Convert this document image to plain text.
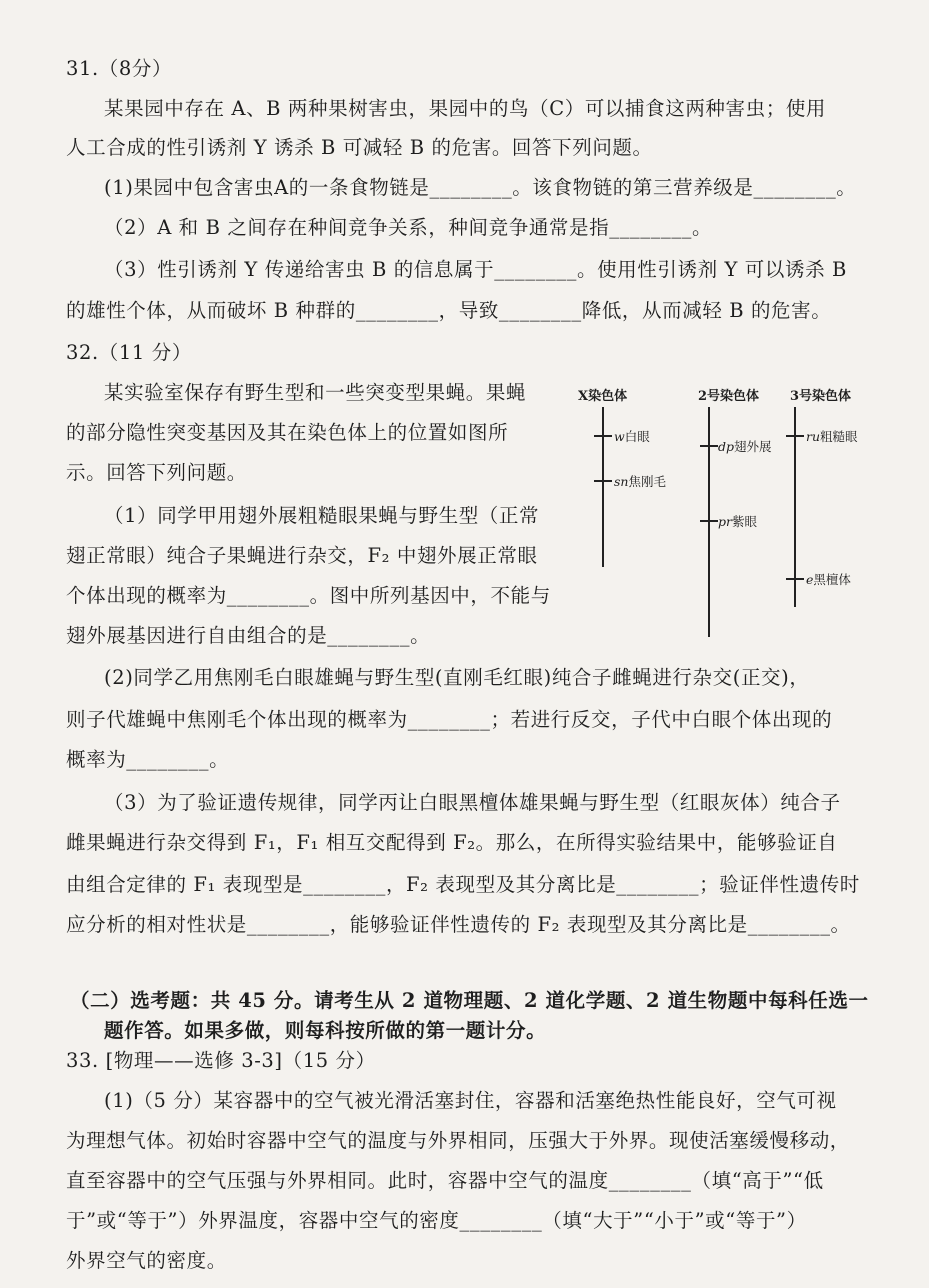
31.（8分）
某果园中存在 A、B 两种果树害虫，果园中的鸟（C）可以捕食这两种害虫；使用
人工合成的性引诱剂 Y 诱杀 B 可减轻 B 的危害。回答下列问题。
(1)果园中包含害虫A的一条食物链是________。该食物链的第三营养级是________。
（2）A 和 B 之间存在种间竞争关系，种间竞争通常是指________。
（3）性引诱剂 Y 传递给害虫 B 的信息属于________。使用性引诱剂 Y 可以诱杀 B
的雄性个体，从而破坏 B 种群的________，导致________降低，从而减轻 B 的危害。
32.（11 分）
某实验室保存有野生型和一些突变型果蝇。果蝇
的部分隐性突变基因及其在染色体上的位置如图所
示。回答下列问题。
（1）同学甲用翅外展粗糙眼果蝇与野生型（正常
翅正常眼）纯合子果蝇进行杂交，F₂ 中翅外展正常眼
个体出现的概率为________。图中所列基因中，不能与
翅外展基因进行自由组合的是________。
X染色体	2号染色体 3号染色体
w白眼
sn焦刚毛
dp翅外展
pr紫眼
ru粗糙眼
e黑檀体
(2)同学乙用焦刚毛白眼雄蝇与野生型(直刚毛红眼)纯合子雌蝇进行杂交(正交)，
则子代雄蝇中焦刚毛个体出现的概率为________；若进行反交，子代中白眼个体出现的
概率为________。
（3）为了验证遗传规律，同学丙让白眼黑檀体雄果蝇与野生型（红眼灰体）纯合子
雌果蝇进行杂交得到 F₁，F₁ 相互交配得到 F₂。那么，在所得实验结果中，能够验证自
由组合定律的 F₁ 表现型是________，F₂ 表现型及其分离比是________；验证伴性遗传时
应分析的相对性状是________，能够验证伴性遗传的 F₂ 表现型及其分离比是________。
（二）选考题：共 45 分。请考生从 2 道物理题、2 道化学题、2 道生物题中每科任选一
题作答。如果多做，则每科按所做的第一题计分。
33. [物理——选修 3-3]（15 分）
(1)（5 分）某容器中的空气被光滑活塞封住，容器和活塞绝热性能良好，空气可视
为理想气体。初始时容器中空气的温度与外界相同，压强大于外界。现使活塞缓慢移动，
直至容器中的空气压强与外界相同。此时，容器中空气的温度________（填“高于”“低
于”或“等于”）外界温度，容器中空气的密度________（填“大于”“小于”或“等于”）
外界空气的密度。
